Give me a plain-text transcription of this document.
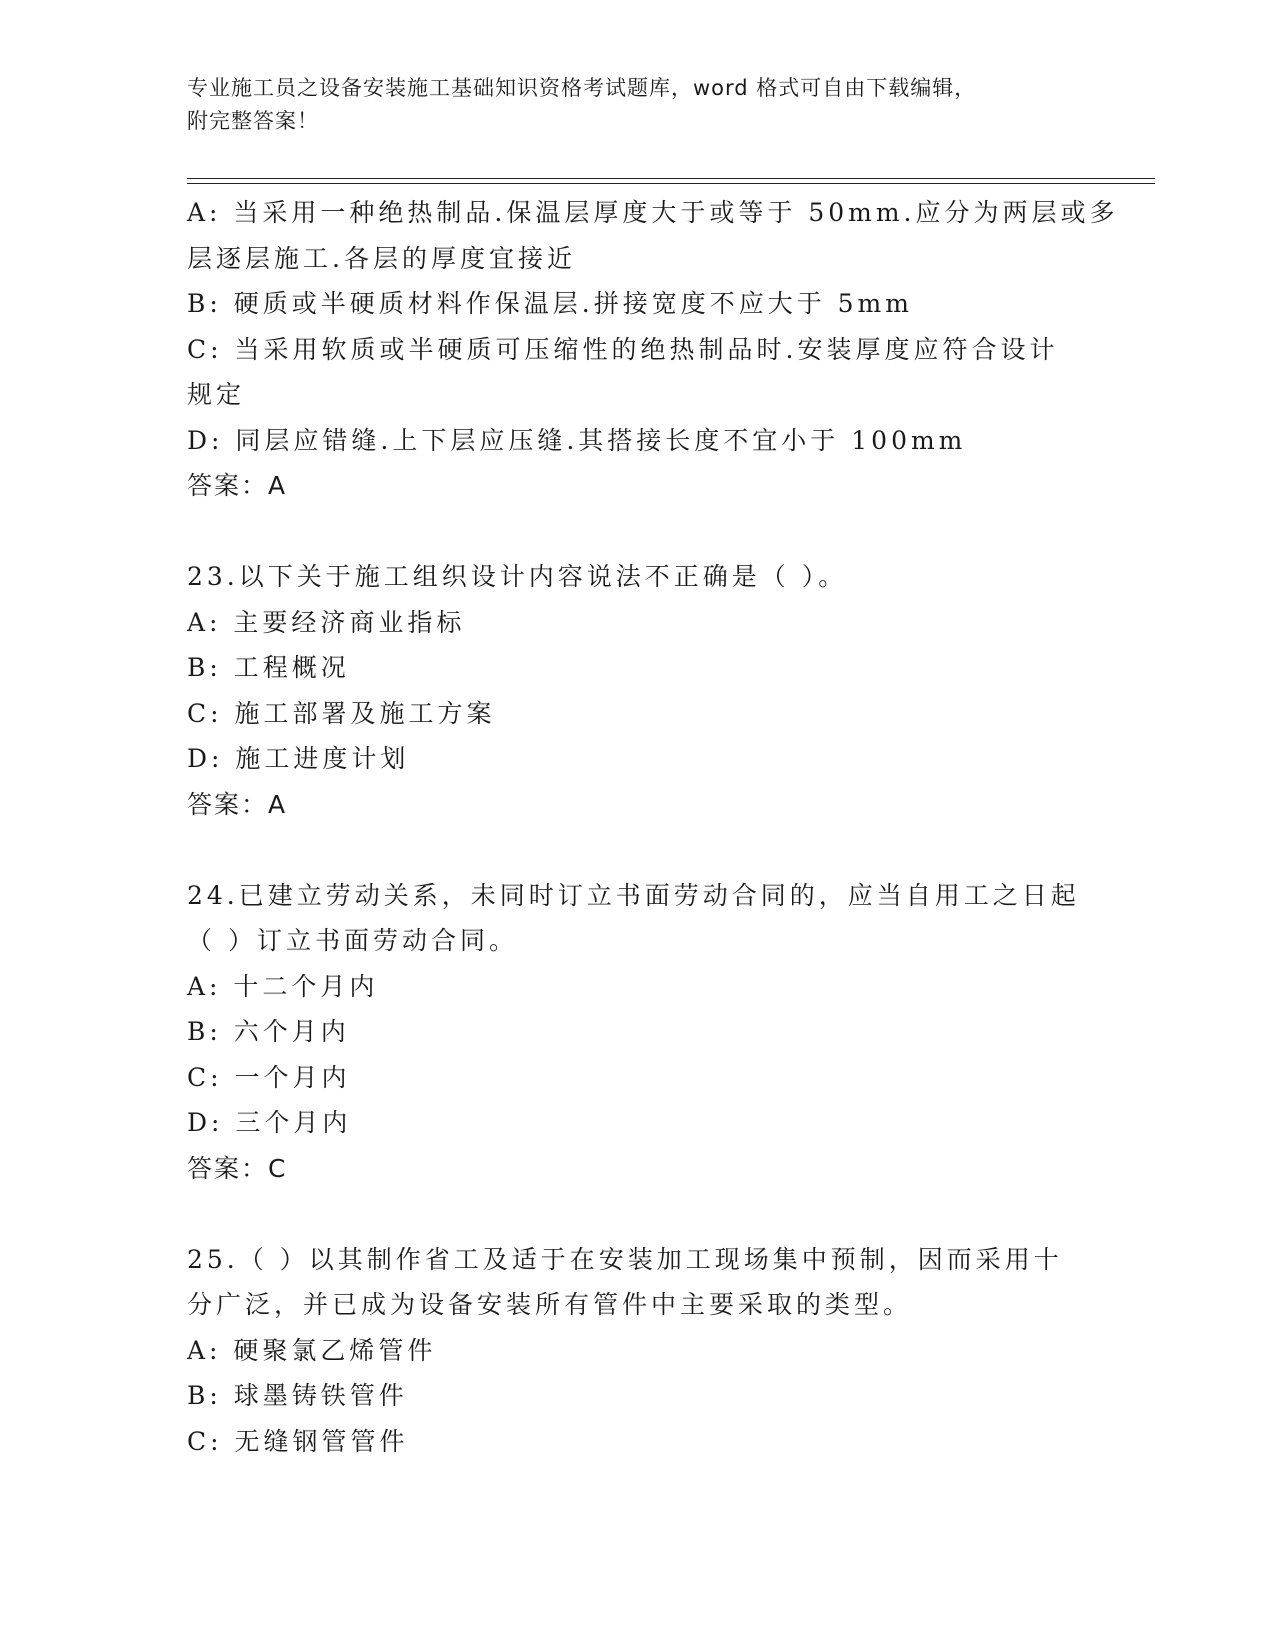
专业施工员之设备安装施工基础知识资格考试题库，word 格式可自由下载编辑，
附完整答案！
A: 当采用一种绝热制品.保温层厚度大于或等于 50mm.应分为两层或多
层逐层施工.各层的厚度宜接近
B: 硬质或半硬质材料作保温层.拼接宽度不应大于 5mm
C: 当采用软质或半硬质可压缩性的绝热制品时.安装厚度应符合设计
规定
D: 同层应错缝.上下层应压缝.其搭接长度不宜小于 100mm
答案：A
23.以下关于施工组织设计内容说法不正确是（ ）。
A: 主要经济商业指标
B: 工程概况
C: 施工部署及施工方案
D: 施工进度计划
答案：A
24.已建立劳动关系，未同时订立书面劳动合同的，应当自用工之日起
（ ）订立书面劳动合同。
A: 十二个月内
B: 六个月内
C: 一个月内
D: 三个月内
答案：C
25.（ ）以其制作省工及适于在安装加工现场集中预制，因而采用十
分广泛，并已成为设备安装所有管件中主要采取的类型。
A: 硬聚氯乙烯管件
B: 球墨铸铁管件
C: 无缝钢管管件
